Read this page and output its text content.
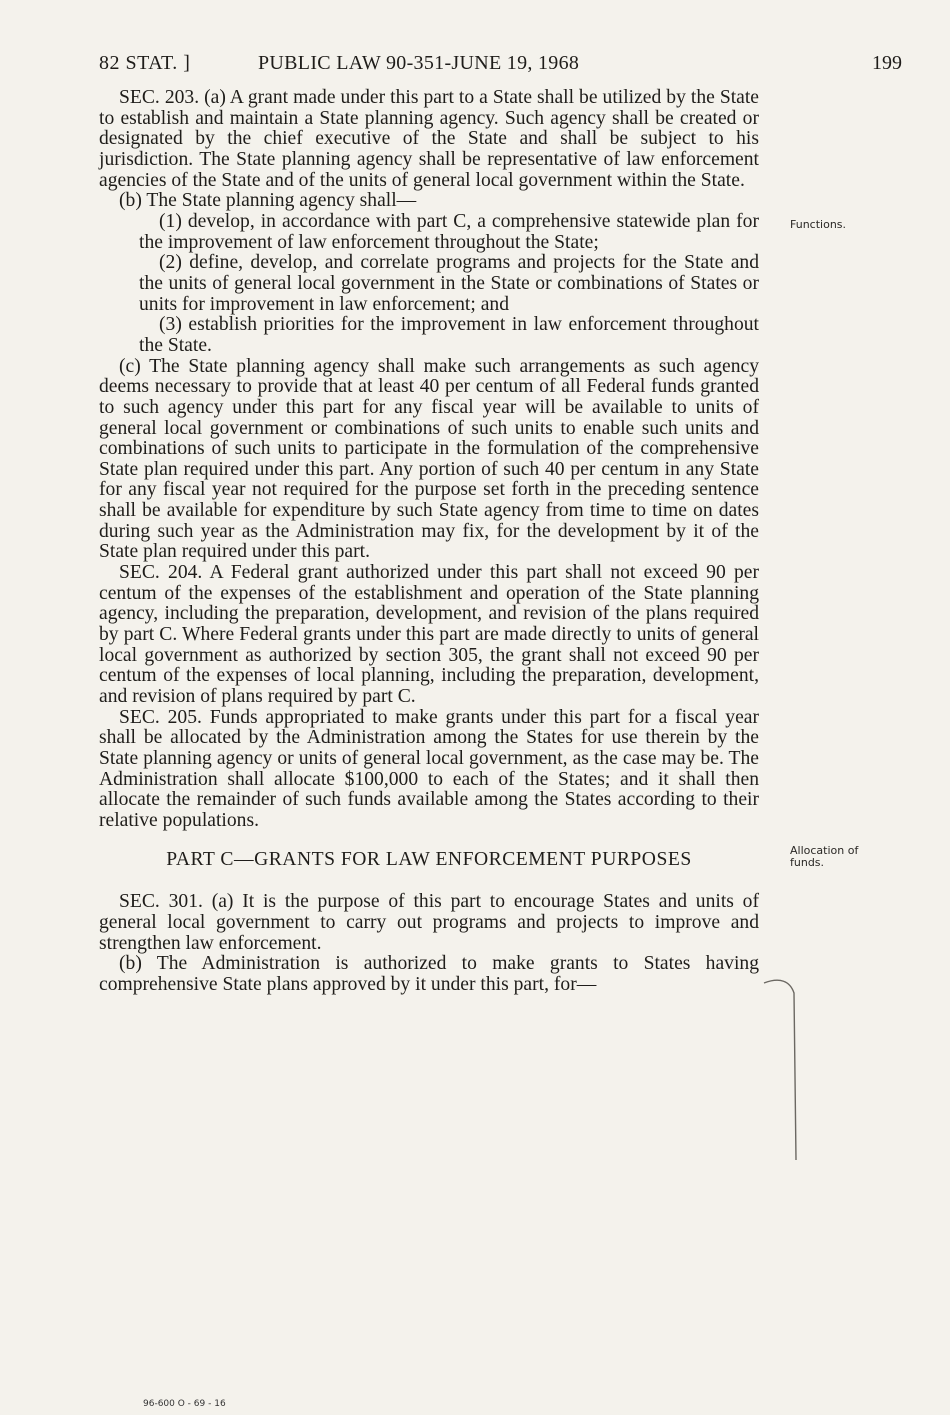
82 STAT. ]	PUBLIC LAW 90-351-JUNE 19, 1968	199

SEC. 203. (a) A grant made under this part to a State shall be utilized by the State to establish and maintain a State planning agency. Such agency shall be created or designated by the chief executive of the State and shall be subject to his jurisdiction. The State planning agency shall be representative of law enforcement agencies of the State and of the units of general local government within the State.

(b) The State planning agency shall—

(1) develop, in accordance with part C, a comprehensive statewide plan for the improvement of law enforcement throughout the State;

(2) define, develop, and correlate programs and projects for the State and the units of general local government in the State or combinations of States or units for improvement in law enforcement; and

(3) establish priorities for the improvement in law enforcement throughout the State.

(c) The State planning agency shall make such arrangements as such agency deems necessary to provide that at least 40 per centum of all Federal funds granted to such agency under this part for any fiscal year will be available to units of general local government or combinations of such units to enable such units and combinations of such units to participate in the formulation of the comprehensive State plan required under this part. Any portion of such 40 per centum in any State for any fiscal year not required for the purpose set forth in the preceding sentence shall be available for expenditure by such State agency from time to time on dates during such year as the Administration may fix, for the development by it of the State plan required under this part.

SEC. 204. A Federal grant authorized under this part shall not exceed 90 per centum of the expenses of the establishment and operation of the State planning agency, including the preparation, development, and revision of the plans required by part C. Where Federal grants under this part are made directly to units of general local government as authorized by section 305, the grant shall not exceed 90 per centum of the expenses of local planning, including the preparation, development, and revision of plans required by part C.

SEC. 205. Funds appropriated to make grants under this part for a fiscal year shall be allocated by the Administration among the States for use therein by the State planning agency or units of general local government, as the case may be. The Administration shall allocate $100,000 to each of the States; and it shall then allocate the remainder of such funds available among the States according to their relative populations.

PART C—GRANTS FOR LAW ENFORCEMENT PURPOSES

SEC. 301. (a) It is the purpose of this part to encourage States and units of general local government to carry out programs and projects to improve and strengthen law enforcement.

(b) The Administration is authorized to make grants to States having comprehensive State plans approved by it under this part, for—

Functions.
Allocation of
funds.
96-600 O - 69 - 16
